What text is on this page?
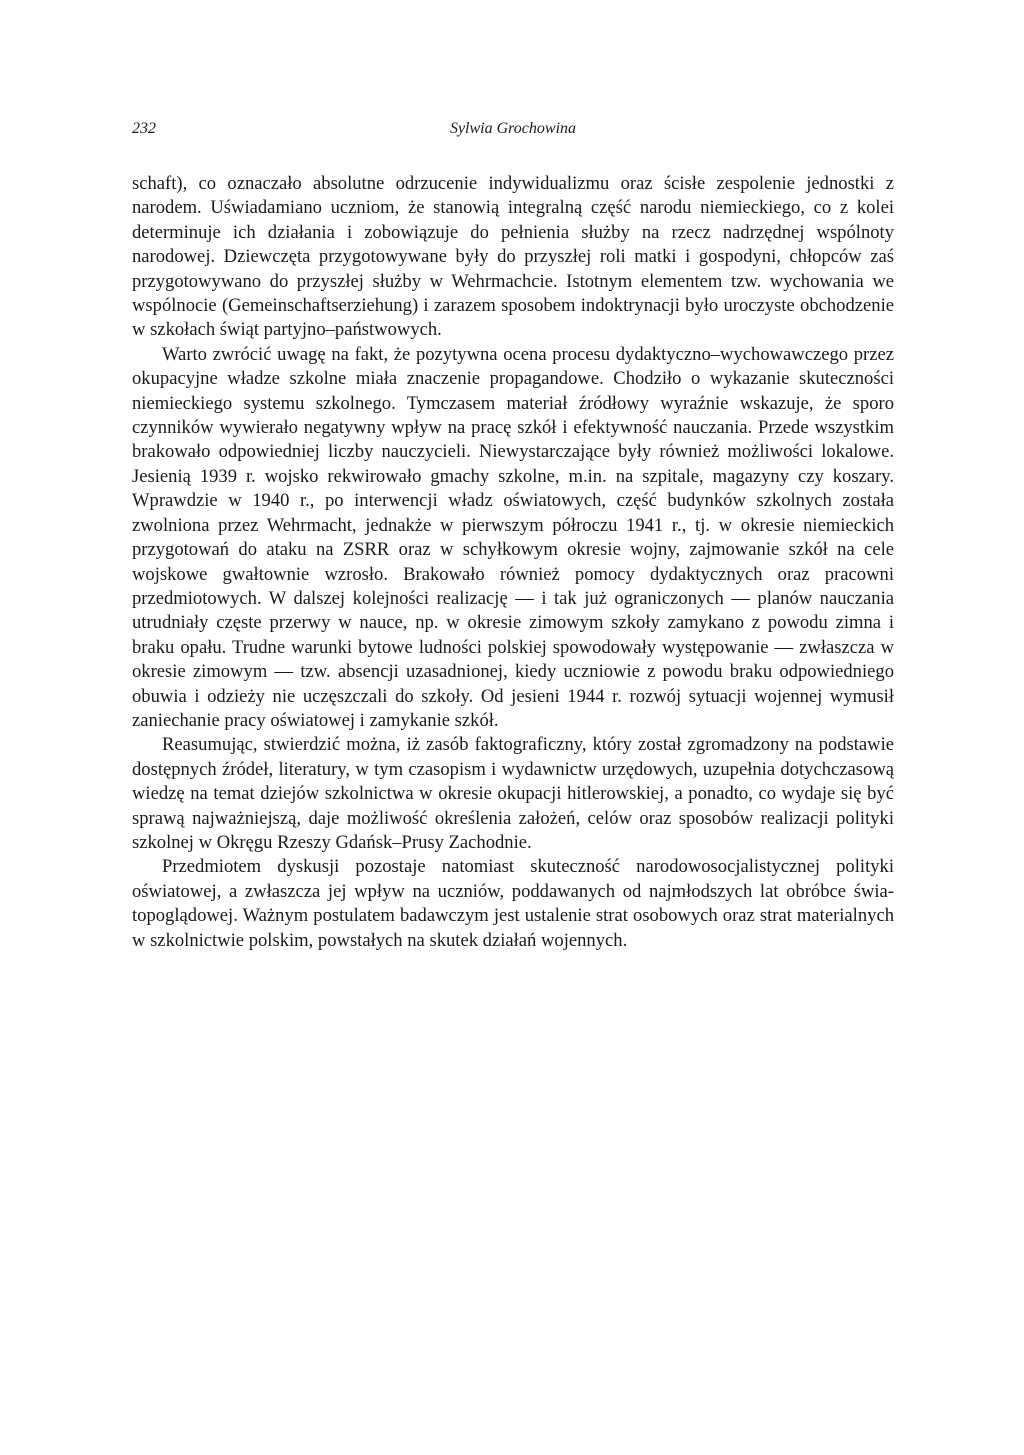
232	Sylwia Grochowina

schaft), co oznaczało absolutne odrzucenie indywidualizmu oraz ścisłe zespolenie jednostki z narodem. Uświadamiano uczniom, że stanowią integralną część narodu niemieckiego, co z kolei determinuje ich działania i zobowiązuje do pełnienia służby na rzecz nadrzędnej wspólnoty narodowej. Dziewczęta przygotowywane były do przyszłej roli matki i gospodyni, chłopców zaś przygotowywano do przyszłej służby w Wehrmachcie. Istotnym elementem tzw. wychowania we wspólnocie (Gemeinschaftserziehung) i zarazem sposobem indoktrynacji było uroczyste obchodzenie w szkołach świąt partyjno–państwowych.

Warto zwrócić uwagę na fakt, że pozytywna ocena procesu dydaktyczno–wychowawczego przez okupacyjne władze szkolne miała znaczenie propagandowe. Chodziło o wykazanie skuteczności niemieckiego systemu szkolnego. Tymczasem materiał źródłowy wyraźnie wskazuje, że sporo czynników wywierało negatywny wpływ na pracę szkół i efektywność nauczania. Przede wszystkim brakowało odpowiedniej liczby nauczycieli. Niewystarczające były również możliwości lokalowe. Jesienią 1939 r. wojsko rekwirowało gmachy szkolne, m.in. na szpitale, magazyny czy koszary. Wprawdzie w 1940 r., po interwencji władz oświatowych, część budynków szkolnych została zwolniona przez Wehrmacht, jednakże w pierwszym półroczu 1941 r., tj. w okresie niemieckich przygotowań do ataku na ZSRR oraz w schyłkowym okresie wojny, zajmowanie szkół na cele wojskowe gwałtownie wzrosło. Brakowało również pomocy dydaktycznych oraz pracowni przedmiotowych. W dalszej kolejności realizację — i tak już ograniczonych — planów nauczania utrudniały częste przerwy w nauce, np. w okresie zimowym szkoły zamykano z powodu zimna i braku opału. Trudne warunki bytowe ludności polskiej spowodowały występowanie — zwłaszcza w okresie zimowym — tzw. absencji uzasadnionej, kiedy uczniowie z powodu braku odpowiedniego obuwia i odzieży nie uczęszczali do szkoły. Od jesieni 1944 r. rozwój sytuacji wojennej wymusił zaniechanie pracy oświatowej i zamykanie szkół.

Reasumując, stwierdzić można, iż zasób faktograficzny, który został zgromadzony na podstawie dostępnych źródeł, literatury, w tym czasopism i wydawnictw urzędowych, uzupełnia dotychczasową wiedzę na temat dziejów szkolnictwa w okresie okupacji hitlerowskiej, a ponadto, co wydaje się być sprawą najważniejszą, daje możliwość określenia założeń, celów oraz sposobów realizacji polityki szkolnej w Okręgu Rzeszy Gdańsk–Prusy Zachodnie.

Przedmiotem dyskusji pozostaje natomiast skuteczność narodowosocjalistycznej polityki oświatowej, a zwłaszcza jej wpływ na uczniów, poddawanych od najmłodszych lat obróbce światopoglądowej. Ważnym postulatem badawczym jest ustalenie strat osobowych oraz strat materialnych w szkolnictwie polskim, powstałych na skutek działań wojennych.
